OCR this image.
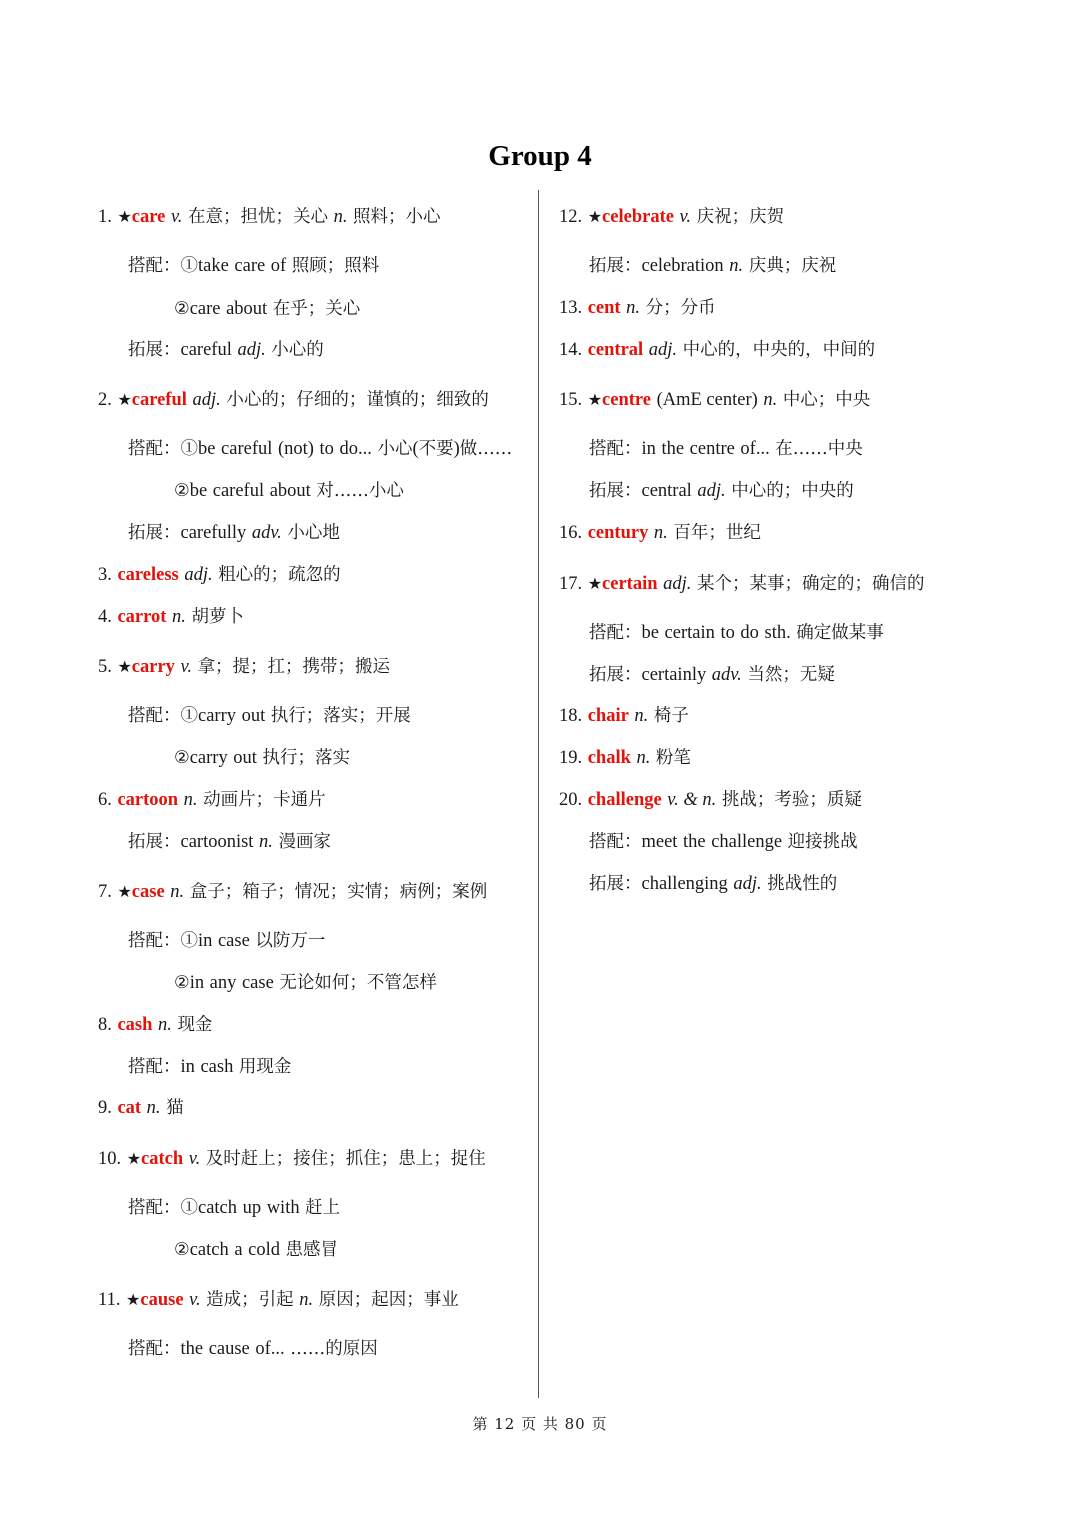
Group 4
1. ★care v. 在意；担忧；关心 n. 照料；小心
搭配：①take care of 照顾；照料
②care about 在乎；关心
拓展：careful adj. 小心的
2. ★careful adj. 小心的；仔细的；谨慎的；细致的
搭配：①be careful (not) to do... 小心(不要)做……
②be careful about 对……小心
拓展：carefully adv. 小心地
3. careless adj. 粗心的；疏忽的
4. carrot n. 胡萝卜
5. ★carry v. 拿；提；扛；携带；搬运
搭配：①carry out 执行；落实；开展
②carry out 执行；落实
6. cartoon n. 动画片；卡通片
拓展：cartoonist n. 漫画家
7. ★case n. 盒子；箱子；情况；实情；病例；案例
搭配：①in case 以防万一
②in any case 无论如何；不管怎样
8. cash n. 现金
搭配：in cash 用现金
9. cat n. 猫
10. ★catch v. 及时赶上；接住；抓住；患上；捉住
搭配：①catch up with 赶上
②catch a cold 患感冒
11. ★cause v. 造成；引起 n. 原因；起因；事业
搭配：the cause of... ……的原因
12. ★celebrate v. 庆祝；庆贺
拓展：celebration n. 庆典；庆祝
13. cent n. 分；分币
14. central adj. 中心的，中央的，中间的
15. ★centre (AmE center) n. 中心；中央
搭配：in the centre of... 在……中央
拓展：central adj. 中心的；中央的
16. century n. 百年；世纪
17. ★certain adj. 某个；某事；确定的；确信的
搭配：be certain to do sth. 确定做某事
拓展：certainly adv. 当然；无疑
18. chair n. 椅子
19. chalk n. 粉笔
20. challenge v. & n. 挑战；考验；质疑
搭配：meet the challenge 迎接挑战
拓展：challenging adj. 挑战性的
第 12 页 共 80 页
